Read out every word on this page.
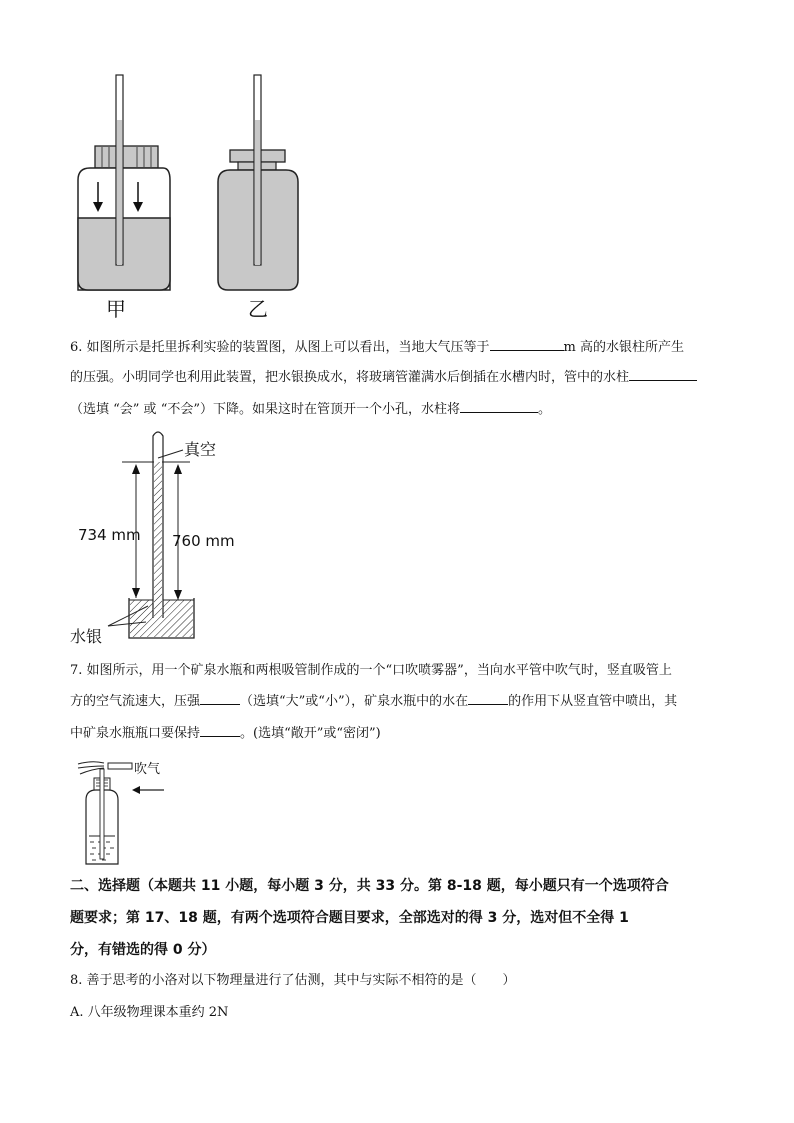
甲	乙
6. 如图所示是托里拆利实验的装置图，从图上可以看出，当地大气压等于	m 高的水银柱所产生
的压强。小明同学也利用此装置，把水银换成水，将玻璃管灌满水后倒插在水槽内时，管中的水柱
（选填 “会” 或 “不会”）下降。如果这时在管顶开一个小孔，水柱将	。
真空
734 mm 760 mm
水银
7. 如图所示，用一个矿泉水瓶和两根吸管制作成的一个“口吹喷雾器”，当向水平管中吹气时，竖直吸管上
方的空气流速大，压强	（选填“大”或“小”），矿泉水瓶中的水在	的作用下从竖直管中喷出，其
中矿泉水瓶瓶口要保持	。(选填“敞开”或“密闭”)
吹气
二、选择题（本题共 11 小题，每小题 3 分，共 33 分。第 8-18 题，每小题只有一个选项符合
题要求；第 17、18 题，有两个选项符合题目要求，全部选对的得 3 分，选对但不全得 1
分，有错选的得 0 分）
8. 善于思考的小洛对以下物理量进行了估测，其中与实际不相符的是（　　）
A. 八年级物理课本重约 2N
